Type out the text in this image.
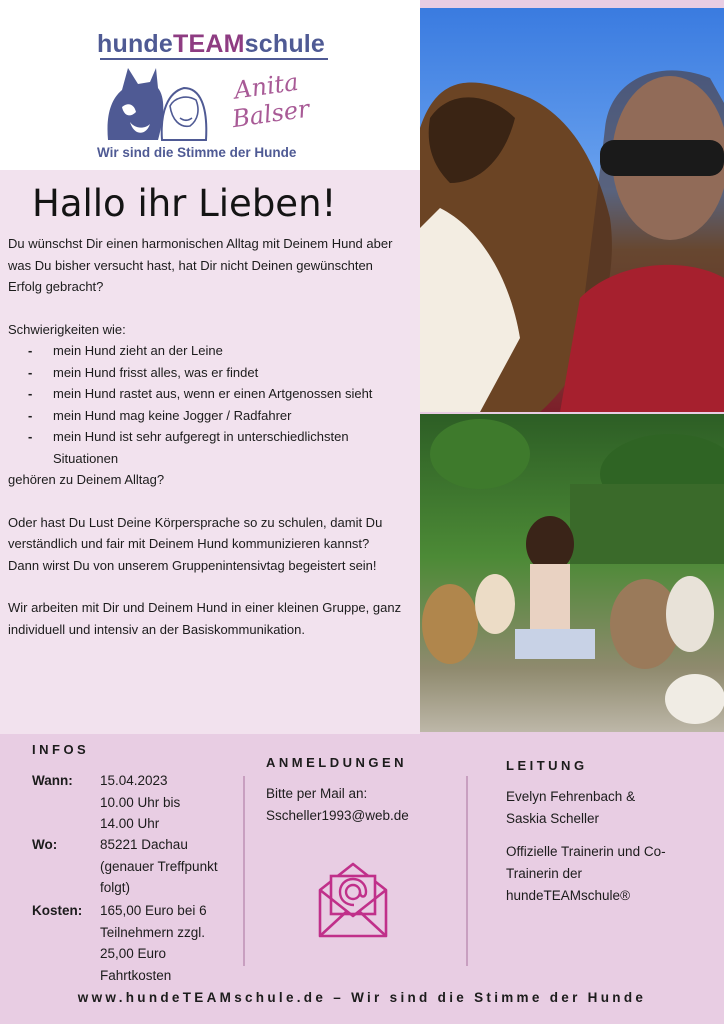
hundeTEAMschule
Anita
Balser
Wir sind die Stimme der Hunde
Hallo ihr Lieben!

Du wünschst Dir einen harmonischen Alltag mit Deinem Hund aber was Du bisher versucht hast, hat Dir nicht Deinen gewünschten Erfolg gebracht?

Schwierigkeiten wie:

- mein Hund zieht an der Leine
- mein Hund frisst alles, was er findet
- mein Hund rastet aus, wenn er einen Artgenossen sieht
- mein Hund mag keine Jogger / Radfahrer
- mein Hund ist sehr aufgeregt in unterschiedlichsten Situationen

gehören zu Deinem Alltag?

Oder hast Du Lust Deine Körpersprache so zu schulen, damit Du verständlich und fair mit Deinem Hund kommunizieren kannst?

Dann wirst Du von unserem Gruppenintensivtag begeistert sein!

Wir arbeiten mit Dir und Deinem Hund in einer kleinen Gruppe, ganz individuell und intensiv an der Basiskommunikation.

INFOS
Wann:	15.04.2023 10.00 Uhr bis 14.00 Uhr
Wo:	85221 Dachau (genauer Treffpunkt folgt)
Kosten:	165,00 Euro bei 6 Teilnehmern zzgl. 25,00 Euro Fahrtkosten
ANMELDUNGEN
Bitte per Mail an:
Sscheller1993@web.de
LEITUNG

Evelyn Fehrenbach & Saskia Scheller

Offizielle Trainerin und Co-Trainerin der hundeTEAMschule®

www.hundeTEAMschule.de – Wir sind die Stimme der Hunde
